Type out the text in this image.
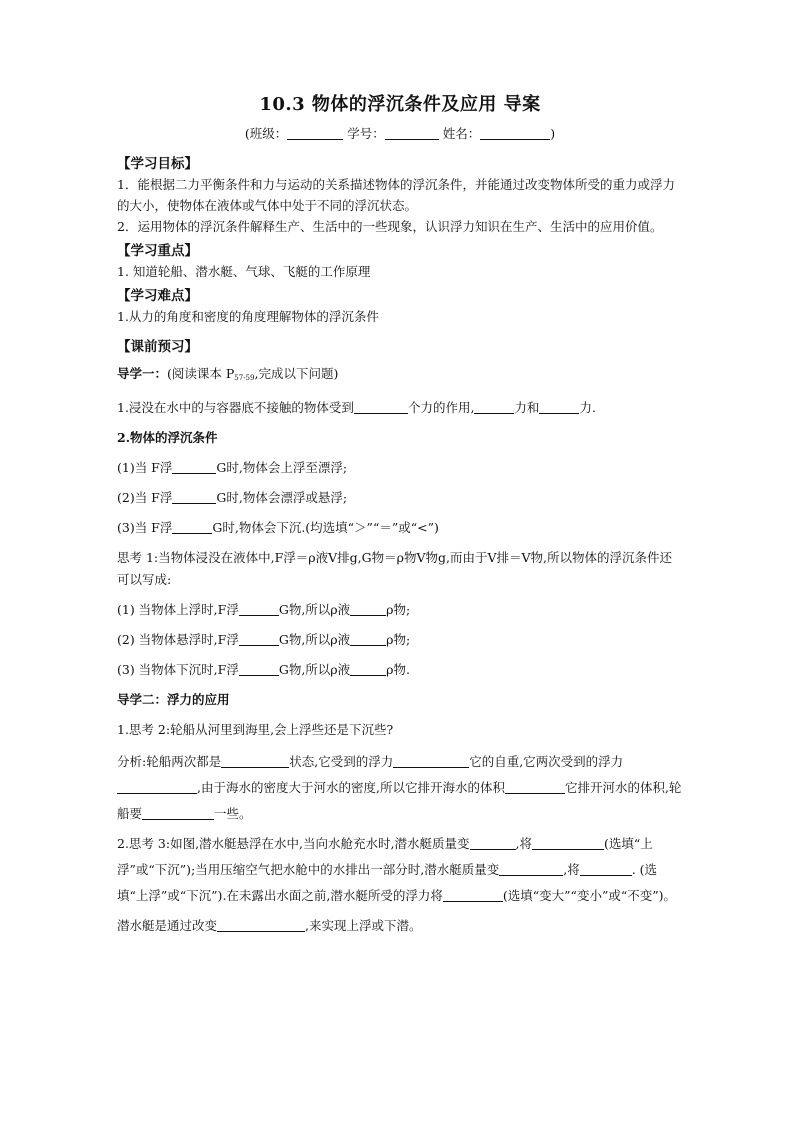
10.3 物体的浮沉条件及应用 导案
(班级：	学号：	姓名：	)
【学习目标】

1．能根据二力平衡条件和力与运动的关系描述物体的浮沉条件，并能通过改变物体所受的重力或浮力的大小，使物体在液体或气体中处于不同的浮沉状态。

2．运用物体的浮沉条件解释生产、生活中的一些现象，认识浮力知识在生产、生活中的应用价值。

【学习重点】

1. 知道轮船、潜水艇、气球、飞艇的工作原理

【学习难点】

1.从力的角度和密度的角度理解物体的浮沉条件

【课前预习】

导学一：(阅读课本 $P_{57-59}$,完成以下问题)

1.浸没在水中的与容器底不接触的物体受到	个力的作用,	力和	力.

2.物体的浮沉条件

(1)当 F浮	G时,物体会上浮至漂浮;

(2)当 F浮	G时,物体会漂浮或悬浮;

(3)当 F浮	G时,物体会下沉.(均选填“＞”“＝”或“<”)

思考 1:当物体浸没在液体中,F浮＝ρ液V排g,G物＝ρ物V物g,而由于V排＝V物,所以物体的浮沉条件还可以写成:

(1) 当物体上浮时,F浮	G物,所以ρ液	ρ物;

(2) 当物体悬浮时,F浮	G物,所以ρ液	ρ物;

(3) 当物体下沉时,F浮	G物,所以ρ液	ρ物.

导学二：浮力的应用

1.思考 2:轮船从河里到海里,会上浮些还是下沉些?

分析:轮船两次都是	状态,它受到的浮力	它的自重,它两次受到的浮力,由于海水的密度大于河水的密度,所以它排开海水的体积	它排开河水的体积,轮船要	一些。

2.思考 3:如图,潜水艇悬浮在水中,当向水舱充水时,潜水艇质量变	,将	(选填“上浮”或“下沉”);当用压缩空气把水舱中的水排出一部分时,潜水艇质量变	,将	. (选填“上浮”或“下沉”).在未露出水面之前,潜水艇所受的浮力将	(选填“变大”“变小”或“不变”)。

潜水艇是通过改变	,来实现上浮或下潜。
